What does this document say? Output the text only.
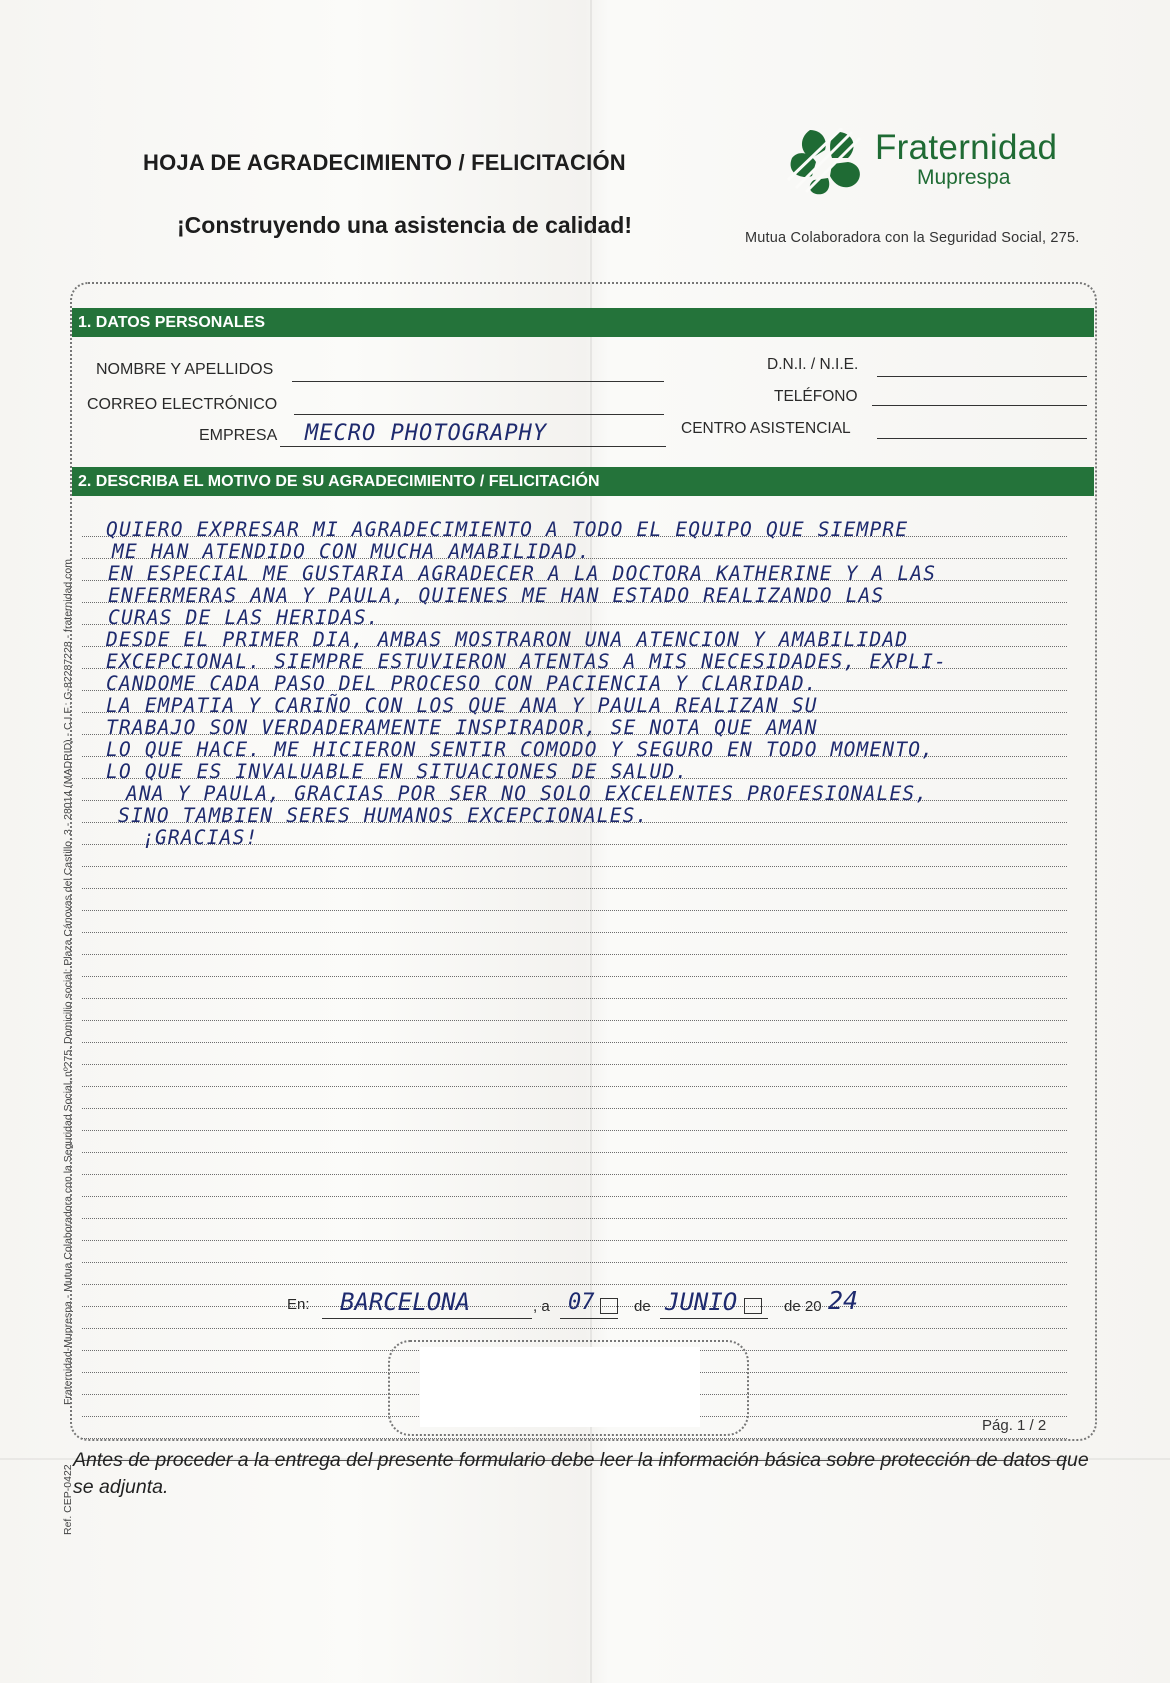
HOJA DE AGRADECIMIENTO / FELICITACIÓN
¡Construyendo una asistencia de calidad!
Fraternidad
Muprespa
Mutua Colaboradora con la Seguridad Social, 275.
Fraternidad-Muprespa - Mutua Colaboradora con la Seguridad Social, nº275. Domicilio social: Plaza Cánovas del Castillo, 3 - 28014 (MADRID) - C.I.F.: G-82287228 - fraternidad.com
Ref. CEP-0422
1. DATOS PERSONALES
NOMBRE Y APELLIDOS
CORREO ELECTRÓNICO
EMPRESA MECRO PHOTOGRAPHY
D.N.I. / N.I.E.
TELÉFONO
CENTRO ASISTENCIAL
2. DESCRIBA EL MOTIVO DE SU AGRADECIMIENTO / FELICITACIÓN
QUIERO EXPRESAR MI AGRADECIMIENTO A TODO EL EQUIPO QUE SIEMPRE
ME HAN ATENDIDO CON MUCHA AMABILIDAD.
EN ESPECIAL ME GUSTARIA AGRADECER A LA DOCTORA KATHERINE Y A LAS
ENFERMERAS ANA Y PAULA, QUIENES ME HAN ESTADO REALIZANDO LAS
CURAS DE LAS HERIDAS.
DESDE EL PRIMER DIA, AMBAS MOSTRARON UNA ATENCION Y AMABILIDAD
EXCEPCIONAL. SIEMPRE ESTUVIERON ATENTAS A MIS NECESIDADES, EXPLI-
CANDOME CADA PASO DEL PROCESO CON PACIENCIA Y CLARIDAD.
LA EMPATIA Y CARIÑO CON LOS QUE ANA Y PAULA REALIZAN SU
TRABAJO SON VERDADERAMENTE INSPIRADOR, SE NOTA QUE AMAN
LO QUE HACE. ME HICIERON SENTIR COMODO Y SEGURO EN TODO MOMENTO,
LO QUE ES INVALUABLE EN SITUACIONES DE SALUD.
ANA Y PAULA, GRACIAS POR SER NO SOLO EXCELENTES PROFESIONALES,
SINO TAMBIEN SERES HUMANOS EXCEPCIONALES.
¡GRACIAS!
En: BARCELONA	, a 07	de JUNIO	de 20 24
Pág. 1 / 2
Antes de proceder a la entrega del presente formulario debe leer la información básica sobre protección de datos que se adjunta.
